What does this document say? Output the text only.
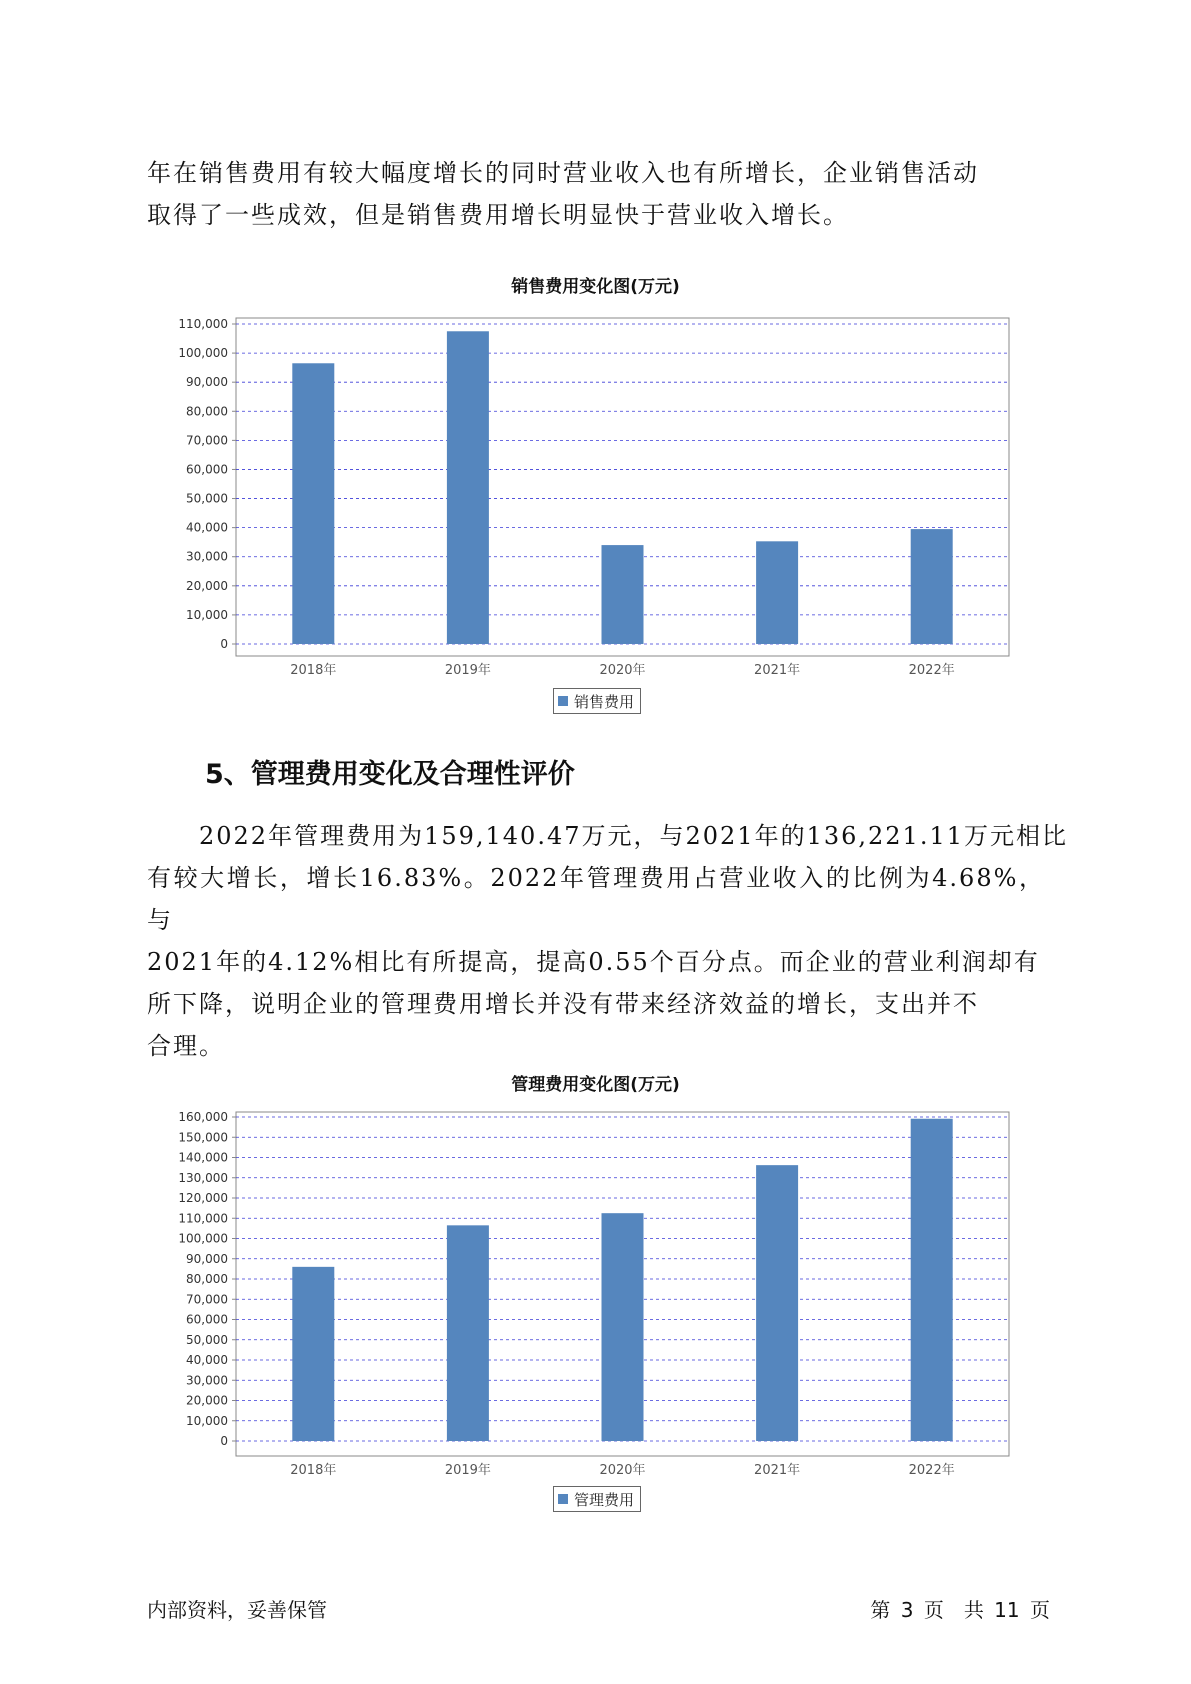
年在销售费用有较大幅度增长的同时营业收入也有所增长，企业销售活动
取得了一些成效，但是销售费用增长明显快于营业收入增长。
销售费用变化图(万元)
0
10,000
20,000
30,000
40,000
50,000
60,000
70,000
80,000
90,000
100,000
110,000
2018年	2019年	2020年	2021年	2022年
销售费用
5、管理费用变化及合理性评价
　　2022年管理费用为159,140.47万元，与2021年的136,221.11万元相比
有较大增长，增长16.83%。2022年管理费用占营业收入的比例为4.68%，与
2021年的4.12%相比有所提高，提高0.55个百分点。而企业的营业利润却有
所下降，说明企业的管理费用增长并没有带来经济效益的增长，支出并不
合理。
管理费用变化图(万元)
0
10,000
20,000
30,000
40,000
50,000
60,000
70,000
80,000
90,000
100,000
110,000
120,000
130,000
140,000
150,000
160,000
2018年	2019年	2020年	2021年	2022年
管理费用
内部资料，妥善保管	第 3 页　共 11 页
